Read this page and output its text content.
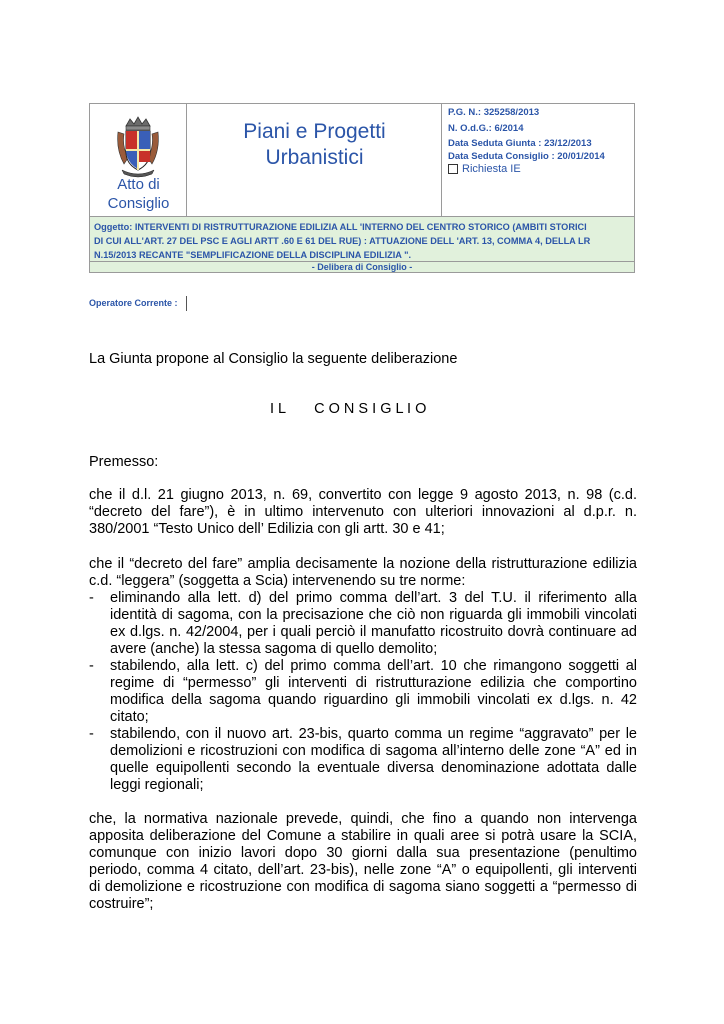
Atto di
Consiglio
Piani e Progetti
Urbanistici
P.G. N.: 325258/2013
N. O.d.G.: 6/2014
Data Seduta Giunta : 23/12/2013
Data Seduta Consiglio : 20/01/2014
Richiesta IE
Oggetto: INTERVENTI DI RISTRUTTURAZIONE EDILIZIA ALL 'INTERNO DEL CENTRO STORICO (AMBITI STORICI
DI CUI ALL'ART. 27 DEL PSC E AGLI ARTT .60 E 61 DEL RUE) : ATTUAZIONE DELL 'ART. 13, COMMA 4, DELLA LR
N.15/2013 RECANTE "SEMPLIFICAZIONE DELLA DISCIPLINA EDILIZIA ".
- Delibera di Consiglio -
Operatore Corrente :
La Giunta propone al Consiglio la seguente deliberazione
I L C O N S I G L I O
Premesso:
che il d.l. 21 giugno 2013, n. 69, convertito con legge 9 agosto 2013, n. 98 (c.d.
“decreto del fare”), è in ultimo intervenuto con ulteriori innovazioni al d.p.r. n.
380/2001 “Testo Unico dell’ Edilizia con gli artt. 30 e 41;
che il “decreto del fare” amplia decisamente la nozione della ristrutturazione edilizia
c.d. “leggera” (soggetta a Scia) intervenendo su tre norme:
- eliminando alla lett. d) del primo comma dell’art. 3 del T.U. il riferimento alla
identità di sagoma, con la precisazione che ciò non riguarda gli immobili vincolati
ex d.lgs. n. 42/2004, per i quali perciò il manufatto ricostruito dovrà continuare ad
avere (anche) la stessa sagoma di quello demolito;
- stabilendo, alla lett. c) del primo comma dell’art. 10 che rimangono soggetti al
regime di “permesso” gli interventi di ristrutturazione edilizia che comportino
modifica della sagoma quando riguardino gli immobili vincolati ex d.lgs. n. 42
citato;
- stabilendo, con il nuovo art. 23-bis, quarto comma un regime “aggravato” per le
demolizioni e ricostruzioni con modifica di sagoma all’interno delle zone “A” ed in
quelle equipollenti secondo la eventuale diversa denominazione adottata dalle
leggi regionali;
che, la normativa nazionale prevede, quindi, che fino a quando non intervenga
apposita deliberazione del Comune a stabilire in quali aree si potrà usare la SCIA,
comunque con inizio lavori dopo 30 giorni dalla sua presentazione (penultimo
periodo, comma 4 citato, dell’art. 23-bis), nelle zone “A” o equipollenti, gli interventi
di demolizione e ricostruzione con modifica di sagoma siano soggetti a “permesso di
costruire”;
